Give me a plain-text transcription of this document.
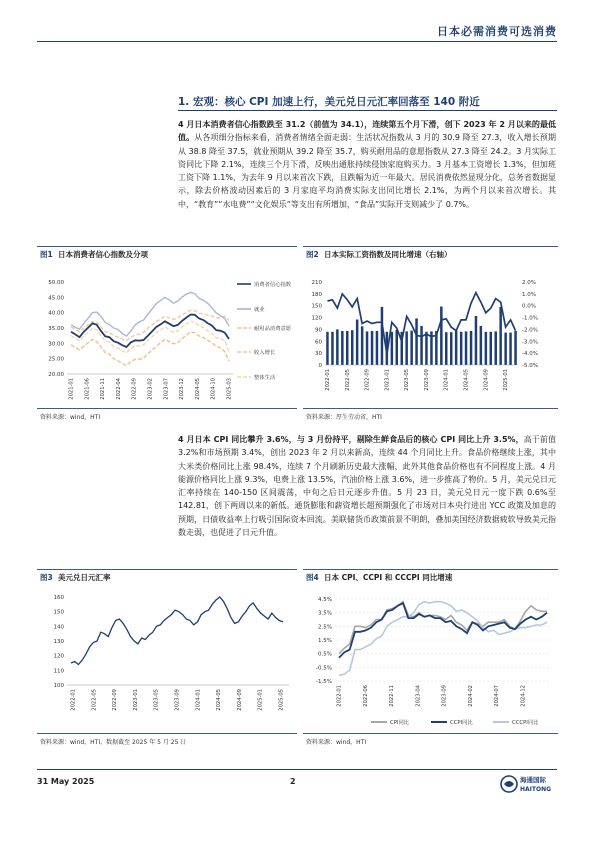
日本必需消费可选消费
1. 宏观：核心 CPI 加速上行，美元兑日元汇率回落至 140 附近
4 月日本消费者信心指数跌至 31.2（前值为 34.1），连续第五个月下滑，创下 2023 年 2 月以来的最低值。从各项细分指标来看，消费者情绪全面走弱：生活状况指数从 3 月的 30.9 降至 27.3，收入增长预期从 38.8 降至 37.5，就业预期从 39.2 降至 35.7，购买耐用品的意愿指数从 27.3 降至 24.2。3 月实际工资同比下降 2.1%，连续三个月下滑，反映出通胀持续侵蚀家庭购买力。3 月基本工资增长 1.3%，但加班工资下降 1.1%，为去年 9 月以来首次下跌，且跌幅为近一年最大。居民消费依然显现分化，总务省数据显示，除去价格波动因素后的 3 月家庭平均消费实际支出同比增长 2.1%，为两个月以来首次增长。其中，“教育”“水电费”“文化娱乐”等支出有所增加，“食品”实际开支则减少了 0.7%。
图1 日本消费者信心指数及分项
50.00
45.00
40.00
35.00
30.00
25.00
20.00
2021-01 2021-06 2021-11 2022-04 2022-09 2023-02 2023-07 2023-12 2024-05 2024-10 2025-03
消费者信心指数
就业
耐用品消费意愿
收入增长
整体生活
资料来源：wind，HTI
图2 日本实际工资指数及同比增速（右轴）
210
180
150
120
90
60
30
0
2.0%
1.0%
0.0%
-1.0%
-2.0%
-3.0%
-4.0%
-5.0%
2022-01	2022-05	2022-09	2023-01	2023-05	2023-09	2024-01	2024-05	2024-09	2025-01
资料来源：厚生劳动省，HTI
4 月日本 CPI 同比攀升 3.6%，与 3 月份持平，剔除生鲜食品后的核心 CPI 同比上升 3.5%，高于前值 3.2%和市场预期 3.4%，创出 2023 年 2 月以来新高，连续 44 个月同比上升。食品价格继续上涨，其中大米类价格同比上涨 98.4%，连续 7 个月刷新历史最大涨幅，此外其他食品价格也有不同程度上涨。4 月能源价格同比上涨 9.3%，电费上涨 13.5%，汽油价格上涨 3.6%，进一步推高了物价。5 月，美元兑日元汇率持续在 140-150 区间震荡，中旬之后日元逐步升值。5 月 23 日，美元兑日元一度下跌 0.6%至 142.81，创下两周以来的新低。通货膨胀和薪资增长超预期强化了市场对日本央行进出 YCC 政策及加息的预期，日债收益率上行吸引国际资本回流。美联储货币政策前景不明朗，叠加美国经济数据疲软导致美元指数走弱，也促进了日元升值。
图3 美元兑日元汇率
160
150
140
130
120
110
100
2022-01	2022-05	2022-09	2023-01	2023-05	2023-09	2024-01	2024-05	2024-09	2025-01	2025-05
资料来源：wind，HTI，数据截至 2025 年 5 月 25 日
图4 日本 CPI、CCPI 和 CCCPI 同比增速
4.5%
3.5%
2.5%
1.5%
0.5%
-0.5%
-1.5%
2022-01	2022-06	2022-11	2023-04	2023-09	2024-02	2024-07	2024-12
CPI同比	CCPI同比	CCCPI同比
资料来源：wind，HTI
31 May 2025	2	海通国际
HAITONG
